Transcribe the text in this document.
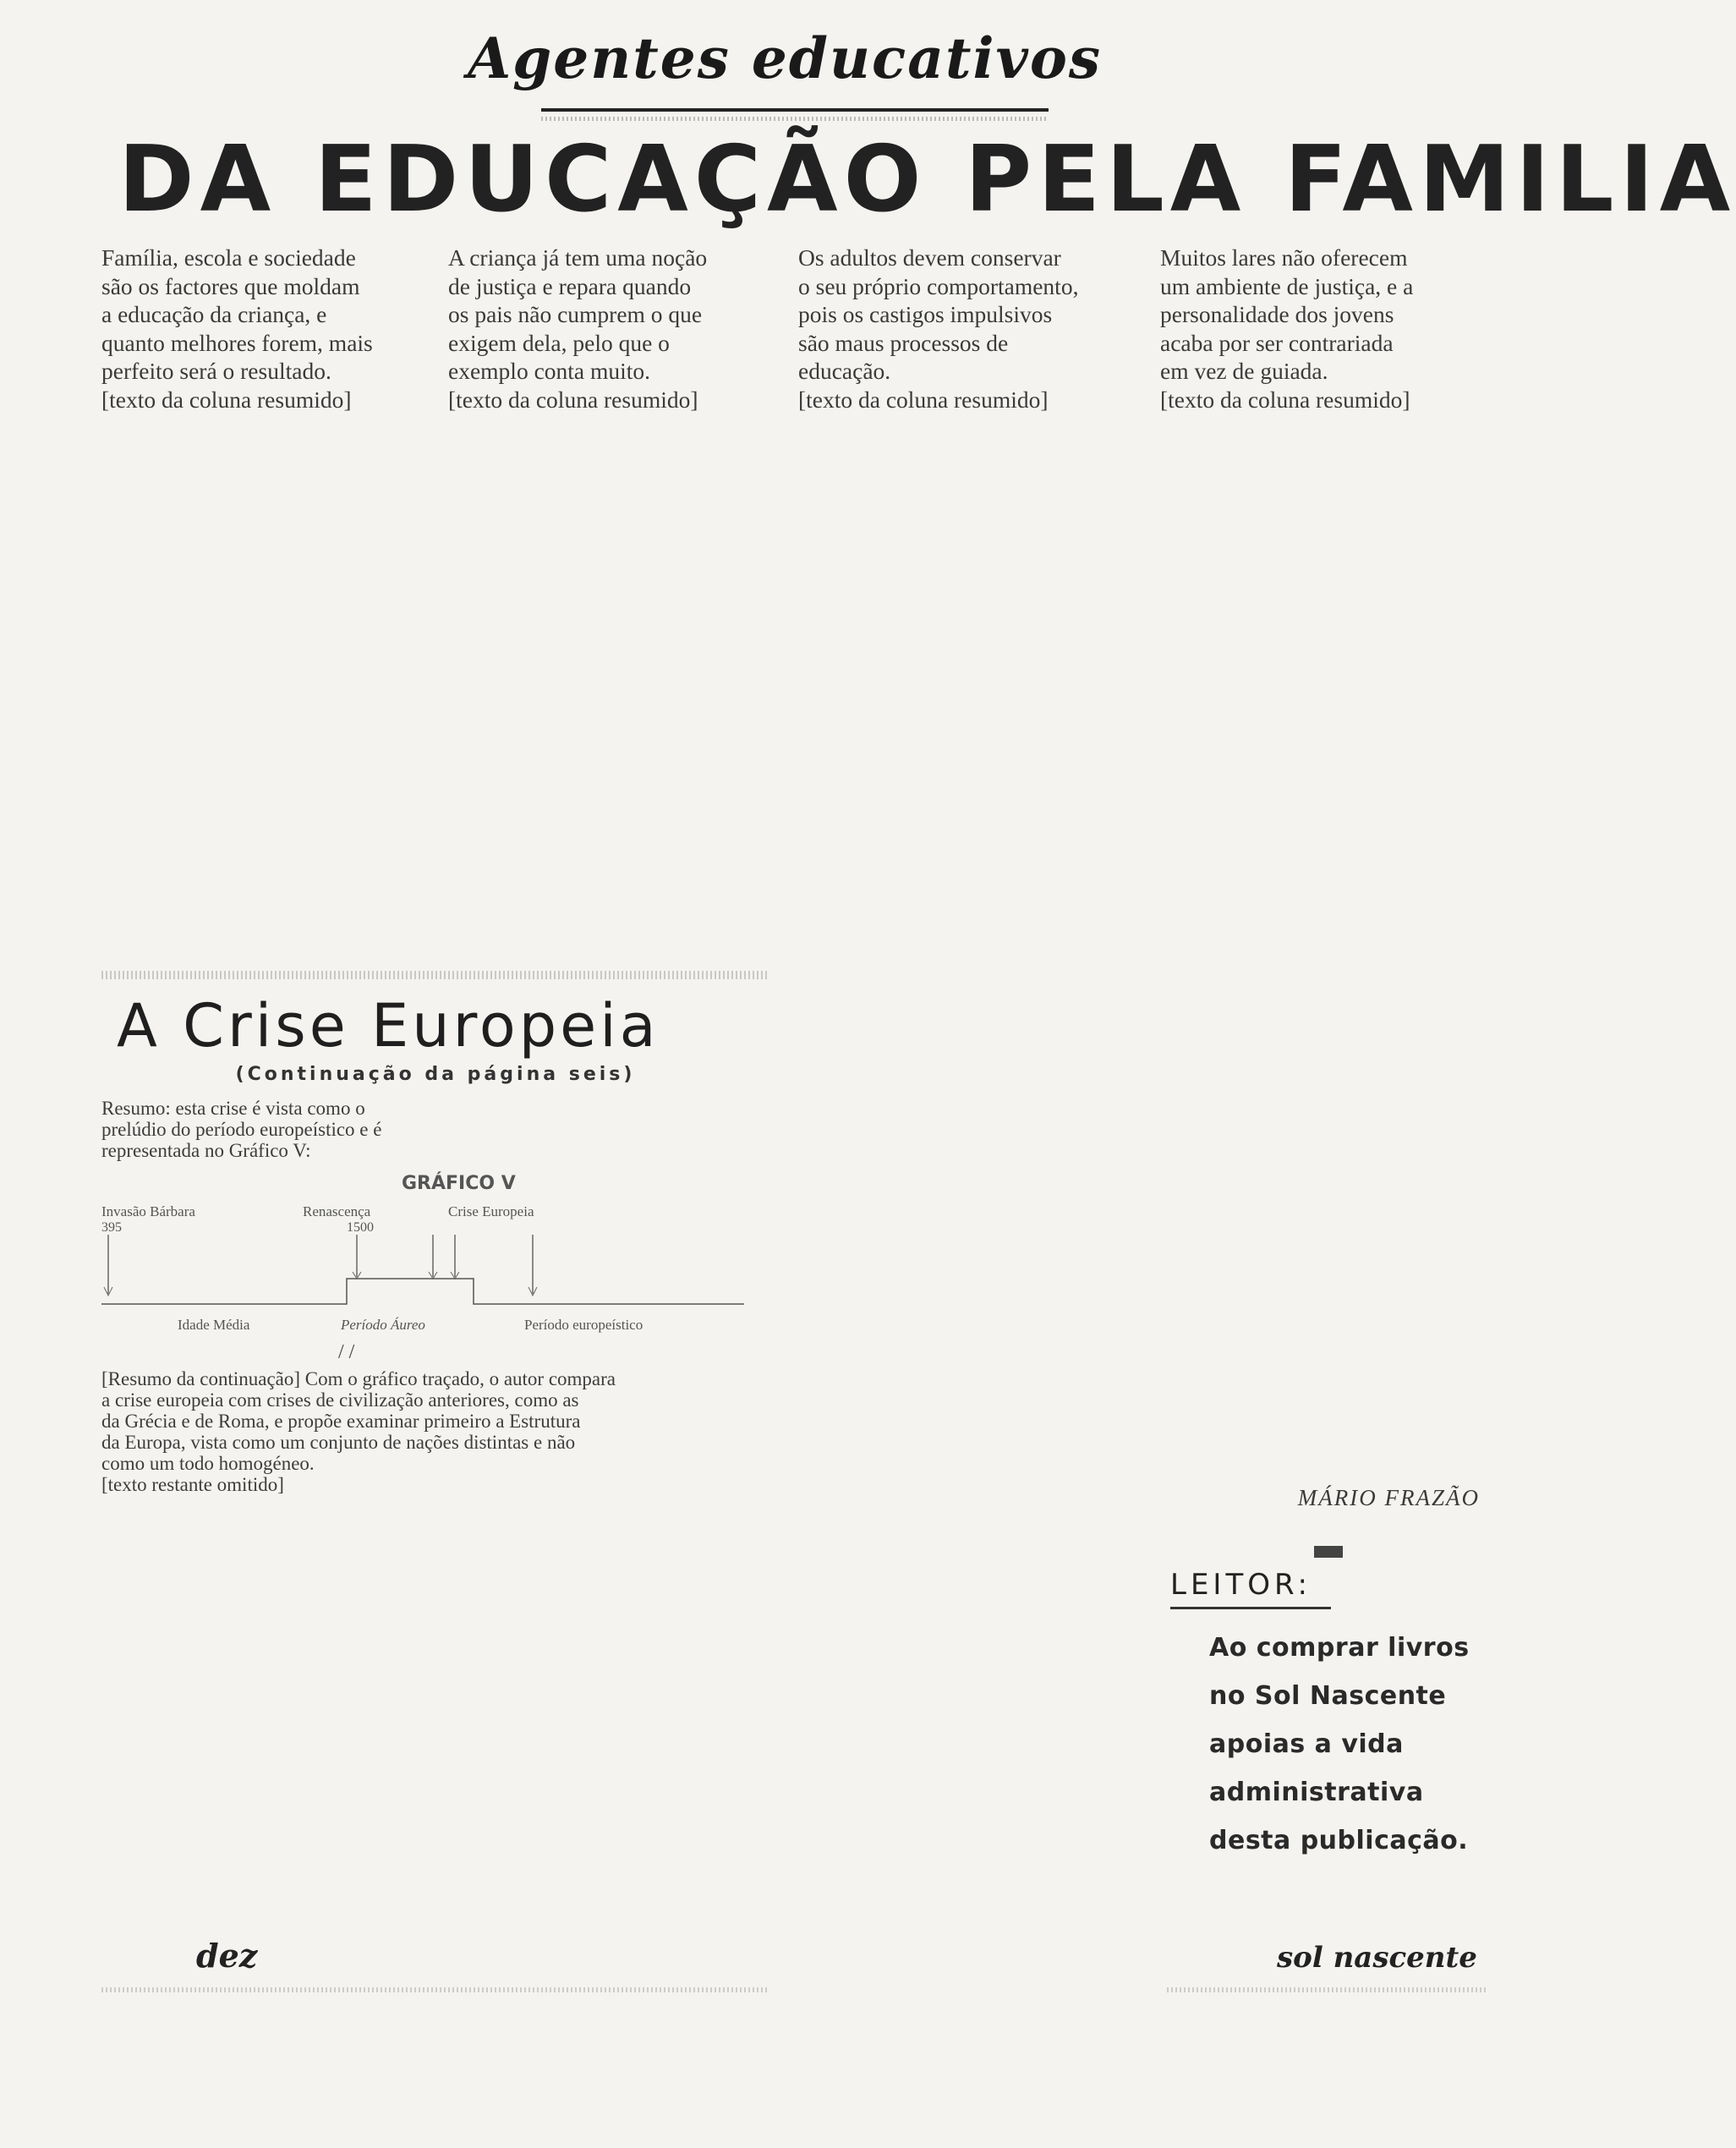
Agentes educativos
DA EDUCAÇÃO PELA FAMILIA
Família, escola e sociedade
são os factores que moldam
a educação da criança, e
quanto melhores forem, mais
perfeito será o resultado.
[texto da coluna resumido]
A criança já tem uma noção
de justiça e repara quando
os pais não cumprem o que
exigem dela, pelo que o
exemplo conta muito.
[texto da coluna resumido]
Os adultos devem conservar
o seu próprio comportamento,
pois os castigos impulsivos
são maus processos de
educação.
[texto da coluna resumido]
Muitos lares não oferecem
um ambiente de justiça, e a
personalidade dos jovens
acaba por ser contrariada
em vez de guiada.
[texto da coluna resumido]
A Crise Europeia
(Continuação da página seis)
Resumo: esta crise é vista como o
prelúdio do período europeístico e é
representada no Gráfico V:
GRÁFICO V
Invasão Bárbara
395
Renascença
1500
Crise Europeia
Idade Média	Período Áureo	Período europeístico
/ /
[Resumo da continuação] Com o gráfico traçado, o autor compara
a crise europeia com crises de civilização anteriores, como as
da Grécia e de Roma, e propõe examinar primeiro a Estrutura
da Europa, vista como um conjunto de nações distintas e não
como um todo homogéneo.
[texto restante omitido]
MÁRIO FRAZÃO
LEITOR:
Ao comprar livros
no Sol Nascente
apoias a vida
administrativa
desta publicação.
dez	sol nascente
